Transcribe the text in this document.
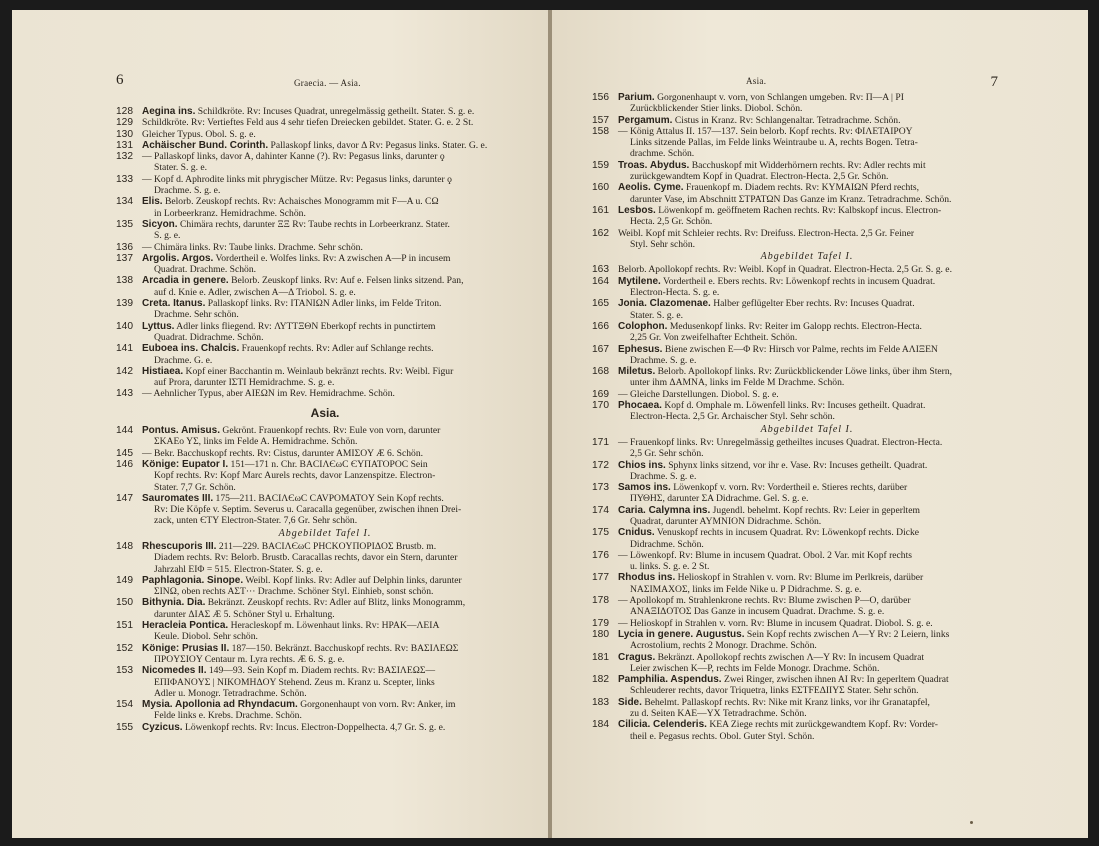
6	Graecia. — Asia.
128 Aegina ins. Schildkröte. Rv: Incuses Quadrat, unregelmässig getheilt. Stater. S. g. e.
129 Schildkröte. Rv: Vertieftes Feld aus 4 sehr tiefen Dreiecken gebildet. Stater. G. e. 2 St.
130 Gleicher Typus. Obol. S. g. e.
131 Achäischer Bund. Corinth. Pallaskopf links, davor Δ Rv: Pegasus links. Stater. G. e.
132 — Pallaskopf links, davor A, dahinter Kanne (?). Rv: Pegasus links, darunter ϙ
Stater. S. g. e.
133 — Kopf d. Aphrodite links mit phrygischer Mütze. Rv: Pegasus links, darunter ϙ
Drachme. S. g. e.
134 Elis. Belorb. Zeuskopf rechts. Rv: Achaisches Monogramm mit F—A u. CΩ
in Lorbeerkranz. Hemidrachme. Schön.
135 Sicyon. Chimära rechts, darunter ΞΞ Rv: Taube rechts in Lorbeerkranz. Stater.
S. g. e.
136 — Chimära links. Rv: Taube links. Drachme. Sehr schön.
137 Argolis. Argos. Vordertheil e. Wolfes links. Rv: A zwischen A—P in incusem
Quadrat. Drachme. Schön.
138 Arcadia in genere. Belorb. Zeuskopf links. Rv: Auf e. Felsen links sitzend. Pan,
auf d. Knie e. Adler, zwischen A—Δ Triobol. S. g. e.
139 Creta. Itanus. Pallaskopf links. Rv: ITANIΩN Adler links, im Felde Triton.
Drachme. Sehr schön.
140 Lyttus. Adler links fliegend. Rv: ΛΥΤΤΞΘΝ Eberkopf rechts in punctirtem
Quadrat. Didrachme. Schön.
141 Euboea ins. Chalcis. Frauenkopf rechts. Rv: Adler auf Schlange rechts.
Drachme. G. e.
142 Histiaea. Kopf einer Bacchantin m. Weinlaub bekränzt rechts. Rv: Weibl. Figur
auf Prora, darunter IΣTI Hemidrachme. S. g. e.
143 — Aehnlicher Typus, aber AIEΩN im Rev. Hemidrachme. Schön.
Asia.
144 Pontus. Amisus. Gekrönt. Frauenkopf rechts. Rv: Eule von vorn, darunter
ΣKAEo YΣ, links im Felde A. Hemidrachme. Schön.
145 — Bekr. Bacchuskopf rechts. Rv: Cistus, darunter AMIΣOY Æ 6. Schön.
146 Könige: Eupator I. 151—171 n. Chr. BACIΛЄωC ЄYΠATOPOC Sein
Kopf rechts. Rv: Kopf Marc Aurels rechts, davor Lanzenspitze. Electron-
Stater. 7,7 Gr. Schön.
147 Sauromates III. 175—211. BACIΛЄωC CAVPOMATOY Sein Kopf rechts.
Rv: Die Köpfe v. Septim. Severus u. Caracalla gegenüber, zwischen ihnen Drei-
zack, unten ЄΤY Electron-Stater. 7,6 Gr. Sehr schön.
Abgebildet Tafel I.
148 Rhescuporis III. 211—229. BACIΛЄωC PHCKOYΠOPIΔOΣ Brustb. m.
Diadem rechts. Rv: Belorb. Brustb. Caracallas rechts, davor ein Stern, darunter
Jahrzahl EIΦ = 515. Electron-Stater. S. g. e.
149 Paphlagonia. Sinope. Weibl. Kopf links. Rv: Adler auf Delphin links, darunter
ΣINΩ, oben rechts AΣT··· Drachme. Schöner Styl. Einhieb, sonst schön.
150 Bithynia. Dia. Bekränzt. Zeuskopf rechts. Rv: Adler auf Blitz, links Monogramm,
darunter ΔIAΣ Æ 5. Schöner Styl u. Erhaltung.
151 Heracleia Pontica. Heracleskopf m. Löwenhaut links. Rv: HPAK—ΛEIA
Keule. Diobol. Sehr schön.
152 Könige: Prusias II. 187—150. Bekränzt. Bacchuskopf rechts. Rv: BAΣIΛEΩΣ
ΠPOYΣIOY Centaur m. Lyra rechts. Æ 6. S. g. e.
153 Nicomedes II. 149—93. Sein Kopf m. Diadem rechts. Rv: BAΣIΛEΩΣ—
EΠIΦANOYΣ | NIKOMHΔOY Stehend. Zeus m. Kranz u. Scepter, links
Adler u. Monogr. Tetradrachme. Schön.
154 Mysia. Apollonia ad Rhyndacum. Gorgonenhaupt von vorn. Rv: Anker, im
Felde links e. Krebs. Drachme. Schön.
155 Cyzicus. Löwenkopf rechts. Rv: Incus. Electron-Doppelhecta. 4,7 Gr. S. g. e.
Asia.	7
156 Parium. Gorgonenhaupt v. vorn, von Schlangen umgeben. Rv: Π—A | PI
Zurückblickender Stier links. Diobol. Schön.
157 Pergamum. Cistus in Kranz. Rv: Schlangenaltar. Tetradrachme. Schön.
158 — König Attalus II. 157—137. Sein belorb. Kopf rechts. Rv: ΦIΛETAIPOY
Links sitzende Pallas, im Felde links Weintraube u. A, rechts Bogen. Tetra-
drachme. Schön.
159 Troas. Abydus. Bacchuskopf mit Widderhörnern rechts. Rv: Adler rechts mit
zurückgewandtem Kopf in Quadrat. Electron-Hecta. 2,5 Gr. Schön.
160 Aeolis. Cyme. Frauenkopf m. Diadem rechts. Rv: KYMAIΩN Pferd rechts,
darunter Vase, im Abschnitt ΣTPATΩN Das Ganze im Kranz. Tetradrachme. Schön.
161 Lesbos. Löwenkopf m. geöffnetem Rachen rechts. Rv: Kalbskopf incus. Electron-
Hecta. 2,5 Gr. Schön.
162 Weibl. Kopf mit Schleier rechts. Rv: Dreifuss. Electron-Hecta. 2,5 Gr. Feiner
Styl. Sehr schön.
Abgebildet Tafel I.
163 Belorb. Apollokopf rechts. Rv: Weibl. Kopf in Quadrat. Electron-Hecta. 2,5 Gr. S. g. e.
164 Mytilene. Vordertheil e. Ebers rechts. Rv: Löwenkopf rechts in incusem Quadrat.
Electron-Hecta. S. g. e.
165 Jonia. Clazomenae. Halber geflügelter Eber rechts. Rv: Incuses Quadrat.
Stater. S. g. e.
166 Colophon. Medusenkopf links. Rv: Reiter im Galopp rechts. Electron-Hecta.
2,25 Gr. Von zweifelhafter Echtheit. Schön.
167 Ephesus. Biene zwischen E—Φ Rv: Hirsch vor Palme, rechts im Felde AΛIΞEN
Drachme. S. g. e.
168 Miletus. Belorb. Apollokopf links. Rv: Zurückblickender Löwe links, über ihm Stern,
unter ihm ΔAMNA, links im Felde M Drachme. Schön.
169 — Gleiche Darstellungen. Diobol. S. g. e.
170 Phocaea. Kopf d. Omphale m. Löwenfell links. Rv: Incuses getheilt. Quadrat.
Electron-Hecta. 2,5 Gr. Archaischer Styl. Sehr schön.
Abgebildet Tafel I.
171 — Frauenkopf links. Rv: Unregelmässig getheiltes incuses Quadrat. Electron-Hecta.
2,5 Gr. Sehr schön.
172 Chios ins. Sphynx links sitzend, vor ihr e. Vase. Rv: Incuses getheilt. Quadrat.
Drachme. S. g. e.
173 Samos ins. Löwenkopf v. vorn. Rv: Vordertheil e. Stieres rechts, darüber
ΠΥΘΗΣ, darunter ΣA Didrachme. Gel. S. g. e.
174 Caria. Calymna ins. Jugendl. behelmt. Kopf rechts. Rv: Leier in geperltem
Quadrat, darunter AYMNION Didrachme. Schön.
175 Cnidus. Venuskopf rechts in incusem Quadrat. Rv: Löwenkopf rechts. Dicke
Didrachme. Schön.
176 — Löwenkopf. Rv: Blume in incusem Quadrat. Obol. 2 Var. mit Kopf rechts
u. links. S. g. e. 2 St.
177 Rhodus ins. Helioskopf in Strahlen v. vorn. Rv: Blume im Perlkreis, darüber
NAΣIMAXOΣ, links im Felde Nike u. P Didrachme. S. g. e.
178 — Apollokopf m. Strahlenkrone rechts. Rv: Blume zwischen P—O, darüber
ANAΞIΔOTOΣ Das Ganze in incusem Quadrat. Drachme. S. g. e.
179 — Helioskopf in Strahlen v. vorn. Rv: Blume in incusem Quadrat. Diobol. S. g. e.
180 Lycia in genere. Augustus. Sein Kopf rechts zwischen Λ—Y Rv: 2 Leiern, links
Acrostolium, rechts 2 Monogr. Drachme. Schön.
181 Cragus. Bekränzt. Apollokopf rechts zwischen Λ—Y Rv: In incusem Quadrat
Leier zwischen K—P, rechts im Felde Monogr. Drachme. Schön.
182 Pamphilia. Aspendus. Zwei Ringer, zwischen ihnen AI Rv: In geperltem Quadrat
Schleuderer rechts, davor Triquetra, links EΣTFEΔIIYΣ Stater. Sehr schön.
183 Side. Behelmt. Pallaskopf rechts. Rv: Nike mit Kranz links, vor ihr Granatapfel,
zu d. Seiten KAE—YX Tetradrachme. Schön.
184 Cilicia. Celenderis. KEA Ziege rechts mit zurückgewandtem Kopf. Rv: Vorder-
theil e. Pegasus rechts. Obol. Guter Styl. Schön.
